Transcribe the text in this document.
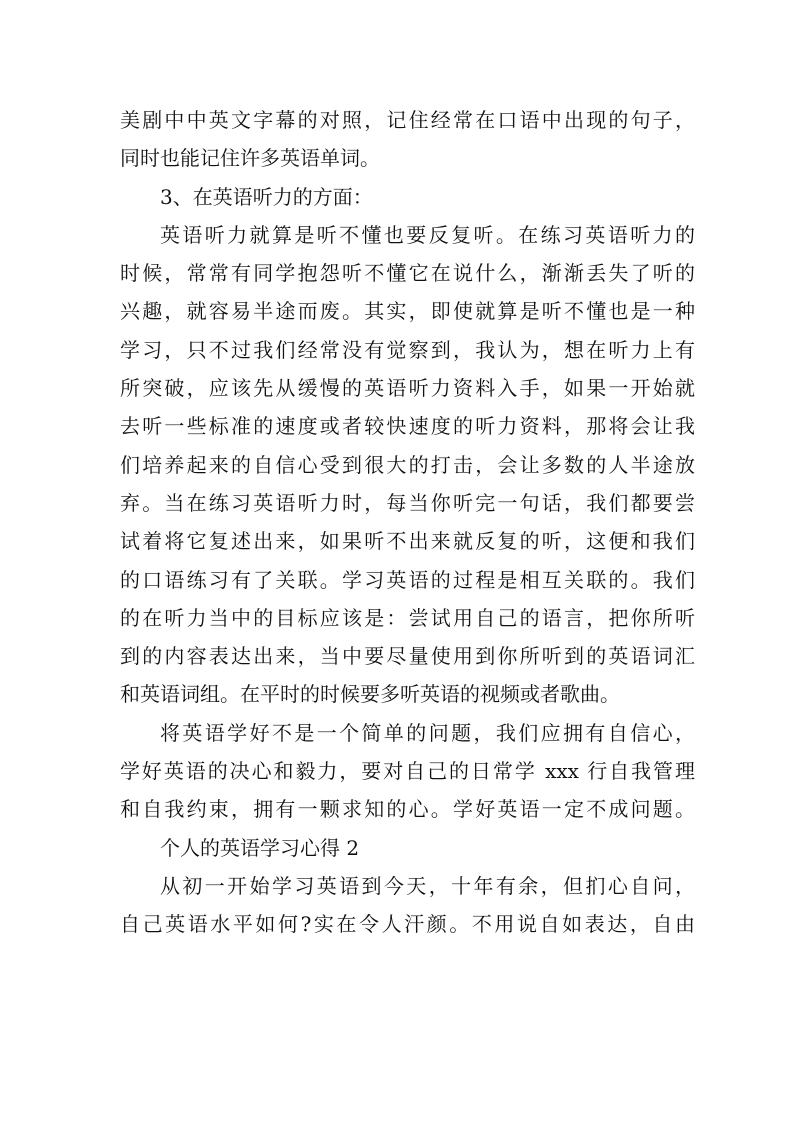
美剧中中英文字幕的对照，记住经常在口语中出现的句子，
同时也能记住许多英语单词。
3、在英语听力的方面：
英语听力就算是听不懂也要反复听。在练习英语听力的
时候，常常有同学抱怨听不懂它在说什么，渐渐丢失了听的
兴趣，就容易半途而废。其实，即使就算是听不懂也是一种
学习，只不过我们经常没有觉察到，我认为，想在听力上有
所突破，应该先从缓慢的英语听力资料入手，如果一开始就
去听一些标准的速度或者较快速度的听力资料，那将会让我
们培养起来的自信心受到很大的打击，会让多数的人半途放
弃。当在练习英语听力时，每当你听完一句话，我们都要尝
试着将它复述出来，如果听不出来就反复的听，这便和我们
的口语练习有了关联。学习英语的过程是相互关联的。我们
的在听力当中的目标应该是：尝试用自己的语言，把你所听
到的内容表达出来，当中要尽量使用到你所听到的英语词汇
和英语词组。在平时的时候要多听英语的视频或者歌曲。
将英语学好不是一个简单的问题，我们应拥有自信心，
学好英语的决心和毅力，要对自己的日常学 xxx 行自我管理
和自我约束，拥有一颗求知的心。学好英语一定不成问题。
个人的英语学习心得 2
从初一开始学习英语到今天，十年有余，但扪心自问，
自己英语水平如何?实在令人汗颜。不用说自如表达，自由
